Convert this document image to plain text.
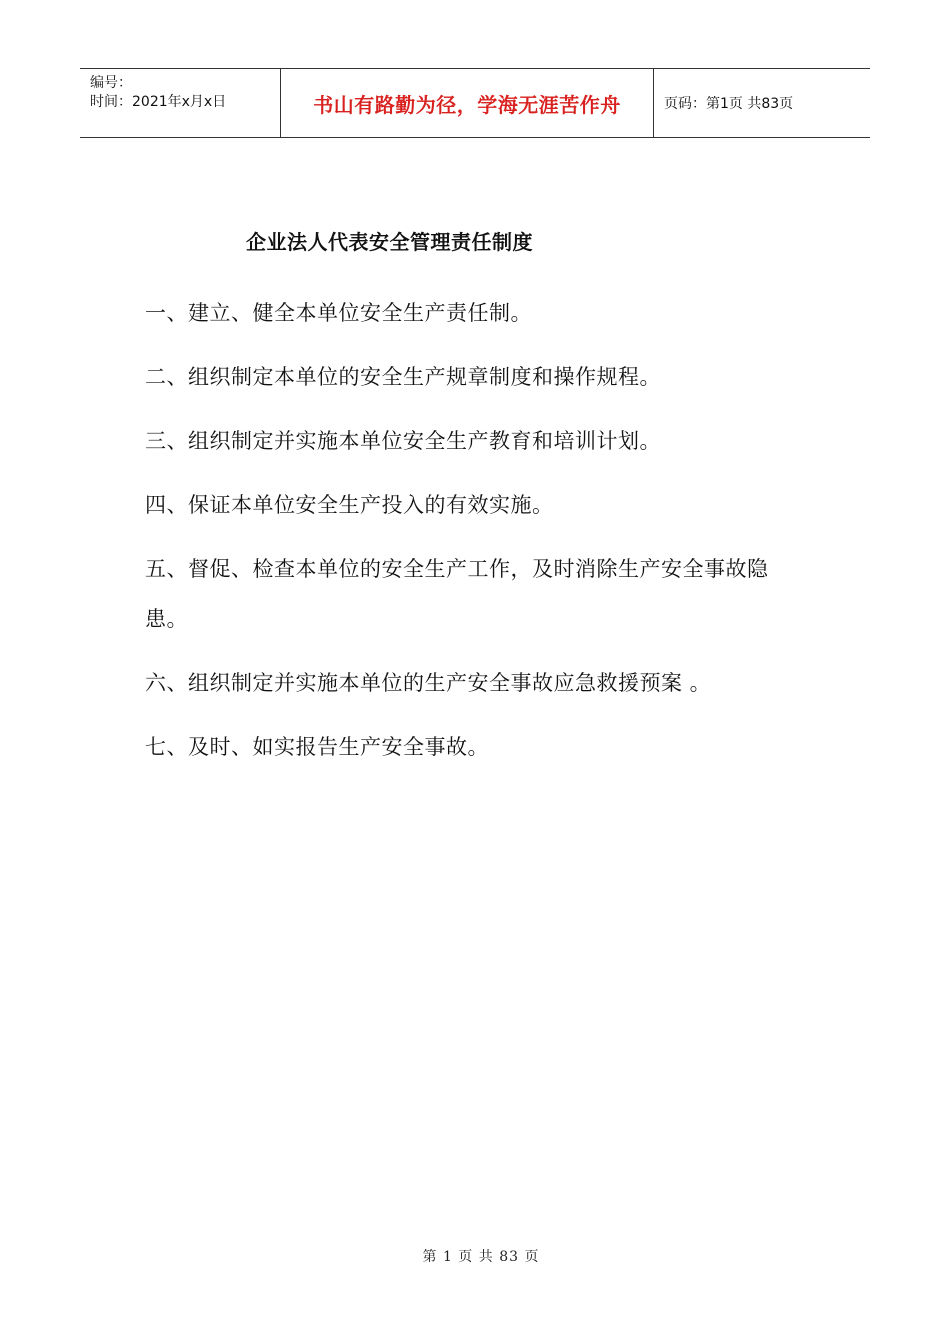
编号：
时间：2021年x月x日	书山有路勤为径，学海无涯苦作舟	页码：第1页 共83页
企业法人代表安全管理责任制度
一、建立、健全本单位安全生产责任制。
二、组织制定本单位的安全生产规章制度和操作规程。
三、组织制定并实施本单位安全生产教育和培训计划。
四、保证本单位安全生产投入的有效实施。
五、督促、检查本单位的安全生产工作，及时消除生产安全事故隐患。
六、组织制定并实施本单位的生产安全事故应急救援预案 。
七、及时、如实报告生产安全事故。
第 1 页 共 83 页
